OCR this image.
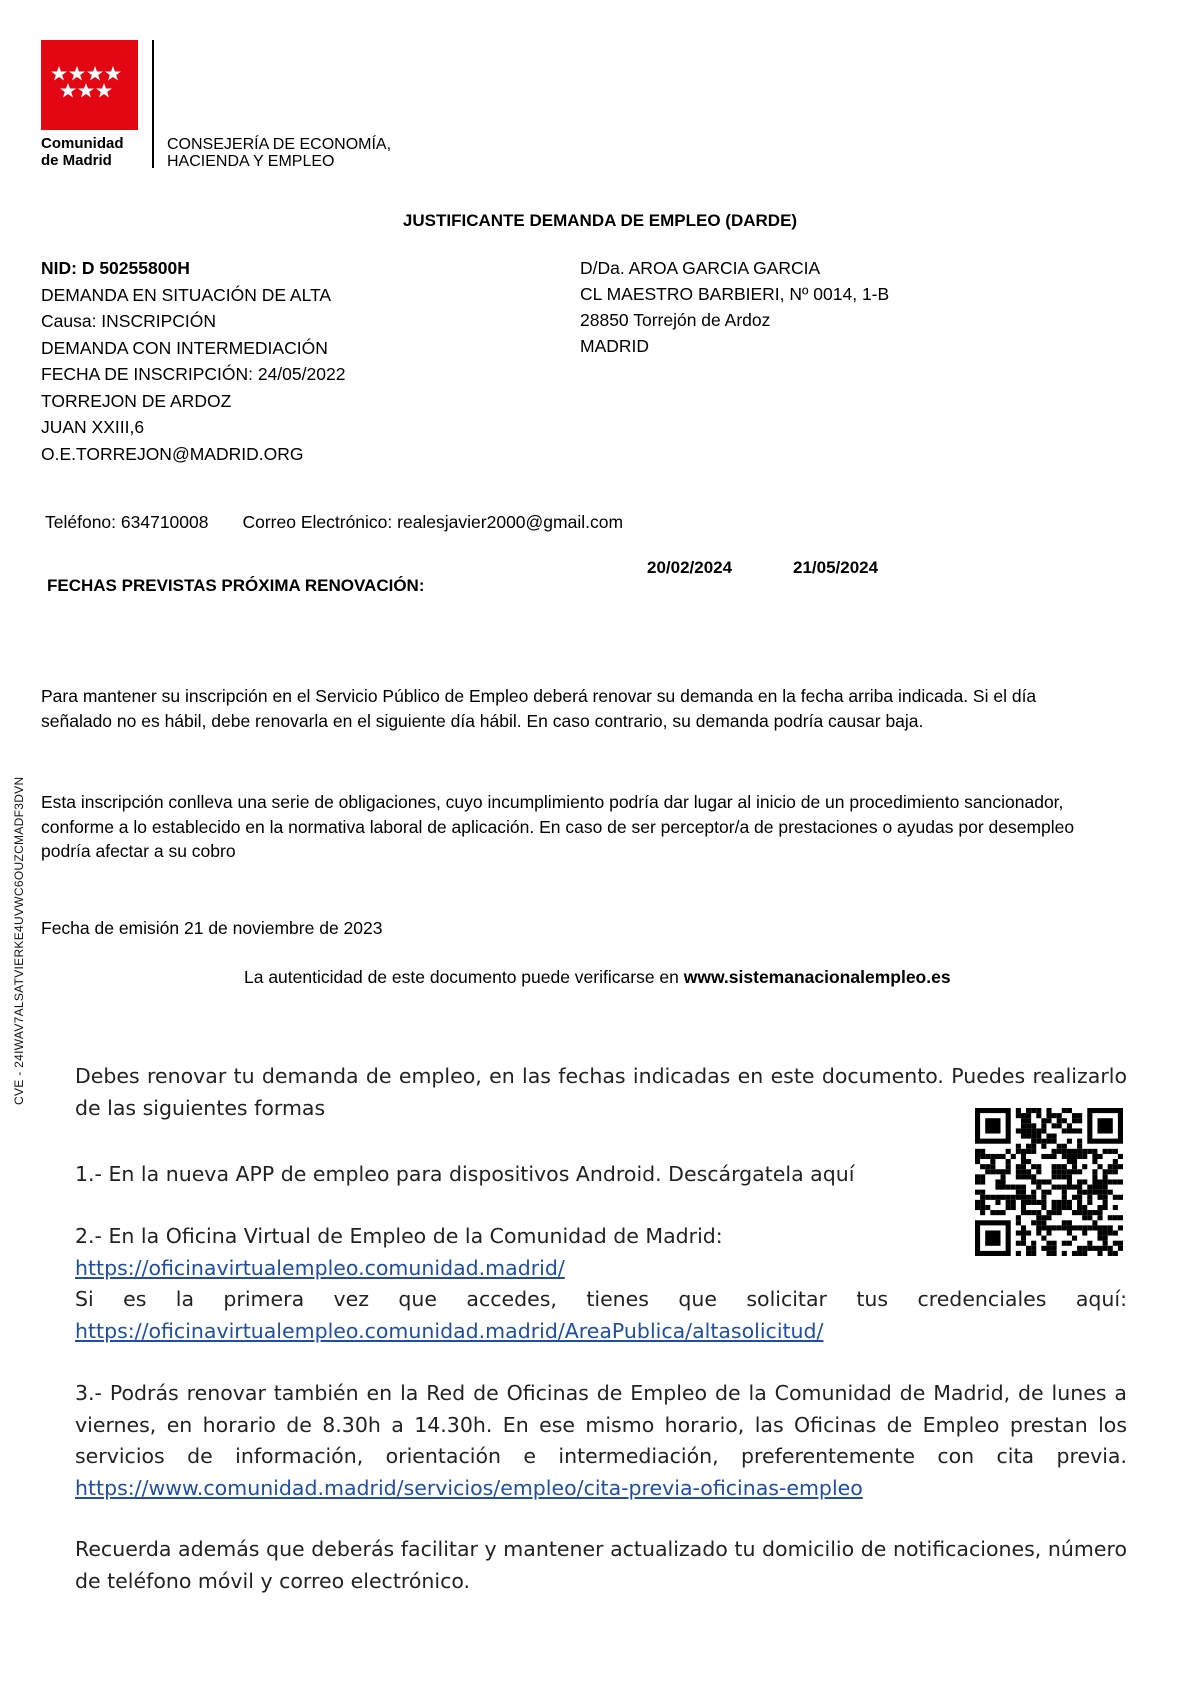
Comunidad
de Madrid
CONSEJERÍA DE ECONOMÍA,
HACIENDA Y EMPLEO
JUSTIFICANTE DEMANDA DE EMPLEO (DARDE)
NID: D 50255800H
DEMANDA EN SITUACIÓN DE ALTA
Causa: INSCRIPCIÓN
DEMANDA CON INTERMEDIACIÓN
FECHA DE INSCRIPCIÓN: 24/05/2022
TORREJON DE ARDOZ
JUAN XXIII,6
O.E.TORREJON@MADRID.ORG
D/Da. AROA GARCIA GARCIA
CL MAESTRO BARBIERI, Nº 0014, 1-B
28850 Torrejón de Ardoz
MADRID
Teléfono: 634710008 Correo Electrónico: realesjavier2000@gmail.com
FECHAS PREVISTAS PRÓXIMA RENOVACIÓN:
20/02/2024	21/05/2024
CVE - 24IWAV7ALSATVIERKE4UVWC6OUZCMADF3DVN
Para mantener su inscripción en el Servicio Público de Empleo deberá renovar su demanda en la fecha arriba indicada. Si el día señalado no es hábil, debe renovarla en el siguiente día hábil. En caso contrario, su demanda podría causar baja.
Esta inscripción conlleva una serie de obligaciones, cuyo incumplimiento podría dar lugar al inicio de un procedimiento sancionador, conforme a lo establecido en la normativa laboral de aplicación. En caso de ser perceptor/a de prestaciones o ayudas por desempleo podría afectar a su cobro
Fecha de emisión 21 de noviembre de 2023
La autenticidad de este documento puede verificarse en www.sistemanacionalempleo.es
Debes renovar tu demanda de empleo, en las fechas indicadas en este documento. Puedes realizarlo de las siguientes formas
1.- En la nueva APP de empleo para dispositivos Android. Descárgatela aquí
2.- En la Oficina Virtual de Empleo de la Comunidad de Madrid:
https://oficinavirtualempleo.comunidad.madrid/
Si es la primera vez que accedes, tienes que solicitar tus credenciales aquí:
https://oficinavirtualempleo.comunidad.madrid/AreaPublica/altasolicitud/
3.- Podrás renovar también en la Red de Oficinas de Empleo de la Comunidad de Madrid, de lunes a viernes, en horario de 8.30h a 14.30h. En ese mismo horario, las Oficinas de Empleo prestan los servicios de información, orientación e intermediación, preferentemente con cita previa. https://www.comunidad.madrid/servicios/empleo/cita-previa-oficinas-empleo
Recuerda además que deberás facilitar y mantener actualizado tu domicilio de notificaciones, número de teléfono móvil y correo electrónico.
